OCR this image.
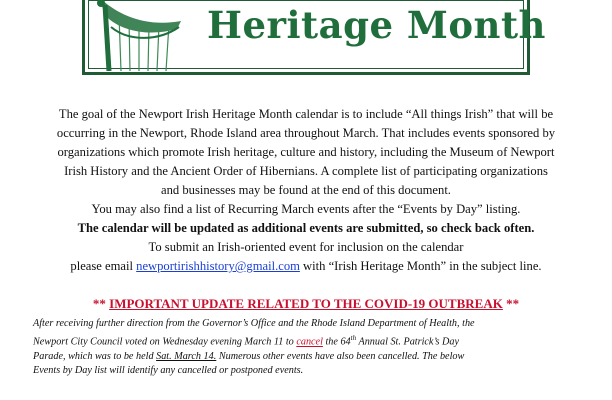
Heritage Month
The goal of the Newport Irish Heritage Month calendar is to include “All things Irish” that will be
occurring in the Newport, Rhode Island area throughout March. That includes events sponsored by
organizations which promote Irish heritage, culture and history, including the Museum of Newport
Irish History and the Ancient Order of Hibernians. A complete list of participating organizations
and businesses may be found at the end of this document.
You may also find a list of Recurring March events after the “Events by Day” listing.
The calendar will be updated as additional events are submitted, so check back often.
To submit an Irish-oriented event for inclusion on the calendar
please email newportirishhistory@gmail.com with “Irish Heritage Month” in the subject line.
** IMPORTANT UPDATE RELATED TO THE COVID-19 OUTBREAK **
After receiving further direction from the Governor’s Office and the Rhode Island Department of Health, the
Newport City Council voted on Wednesday evening March 11 to cancel the 64th Annual St. Patrick’s Day
Parade, which was to be held Sat. March 14. Numerous other events have also been cancelled. The below
Events by Day list will identify any cancelled or postponed events.
